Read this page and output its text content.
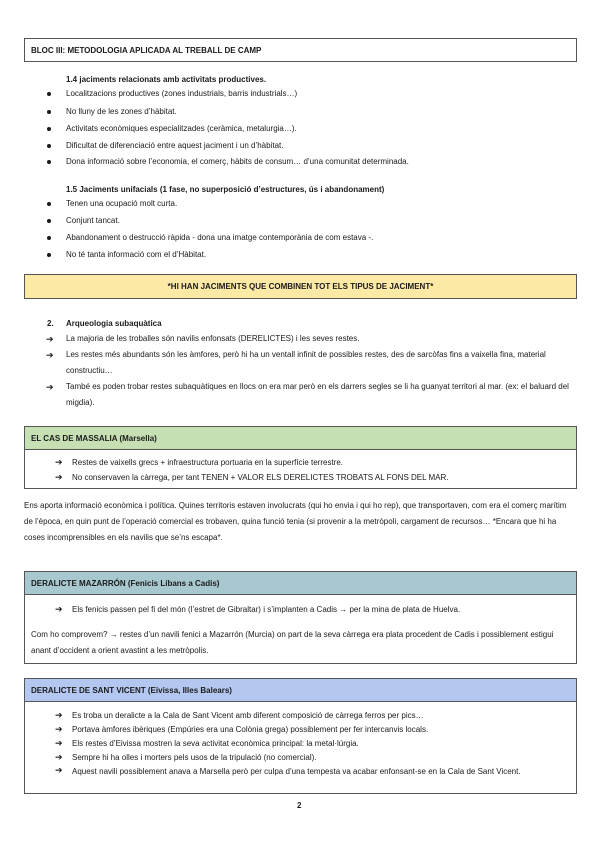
BLOC III: METODOLOGIA APLICADA AL TREBALL DE CAMP
1.4 jaciments relacionats amb activitats productives.
Localitzacions productives (zones industrials, barris industrials…)
No lluny de les zones d’hàbitat.
Activitats econòmiques especialitzades (ceràmica, metalurgia…).
Dificultat de diferenciació entre aquest jaciment i un d’hàbitat.
Dona informació sobre l’economia, el comerç, hàbits de consum… d’una comunitat determinada.
1.5 Jaciments unifacials (1 fase, no superposició d’estructures, ús i abandonament)
Tenen una ocupació molt curta.
Conjunt tancat.
Abandonament o destrucció ràpida - dona una imatge contemporània de com estava -.
No té tanta informació com el d’Hàbitat.
*HI HAN JACIMENTS QUE COMBINEN TOT ELS TIPUS DE JACIMENT*
2. Arqueologia subaquàtica
➔ La majoria de les troballes són navilis enfonsats (DERELICTES) i les seves restes.
➔ Les restes més abundants són les àmfores, però hi ha un ventall infinit de possibles restes, des de sarcòfas fins a vaixella fina, material constructiu…
➔ També es poden trobar restes subaquàtiques en llocs on era mar però en els darrers segles se li ha guanyat territori al mar. (ex: el baluard del migdia).
EL CAS DE MASSALIA (Marsella)
➔ Restes de vaixells grecs + infraestructura portuaria en la superfície terrestre.
➔ No conservaven la càrrega, per tant TENEN + VALOR ELS DERELICTES TROBATS AL FONS DEL MAR.
Ens aporta informació econòmica i política. Quines territoris estaven involucrats (qui ho envia i qui ho rep), que transportaven, com era el comerç marítim de l’època, en quin punt de l’operació comercial es trobaven, quina funció tenia (si provenir a la metròpoli, cargament de recursos… *Encara que hi ha coses incomprensibles en els navilis que se’ns escapa*.
DERALICTE MAZARRÓN (Fenicis Líbans a Cadis)
➔ Els fenicis passen pel fi del món (l’estret de Gibraltar) i s’implanten a Cadis → per la mina de plata de Huelva.
Com ho comprovem? → restes d’un navili fenici a Mazarrón (Murcia) on part de la seva càrrega era plata procedent de Cadis i possiblement estigui anant d’occident a orient avastint a les metròpolis.
DERALICTE DE SANT VICENT (Eivissa, Illes Balears)
➔ Es troba un deralicte a la Cala de Sant Vicent amb diferent composició de càrrega ferros per pics…
➔ Portava àmfores ibèriques (Empúries era una Colònia grega) possiblement per fer intercanvis locals.
➔ Els restes d’Eivissa mostren la seva activitat econòmica principal: la metal·lúrgia.
➔ Sempre hi ha olles i morters pels usos de la tripulació (no comercial).
➔ Aquest navili possiblement anava a Marsella però per culpa d’una tempesta va acabar enfonsant-se en la Cala de Sant Vicent.
2
